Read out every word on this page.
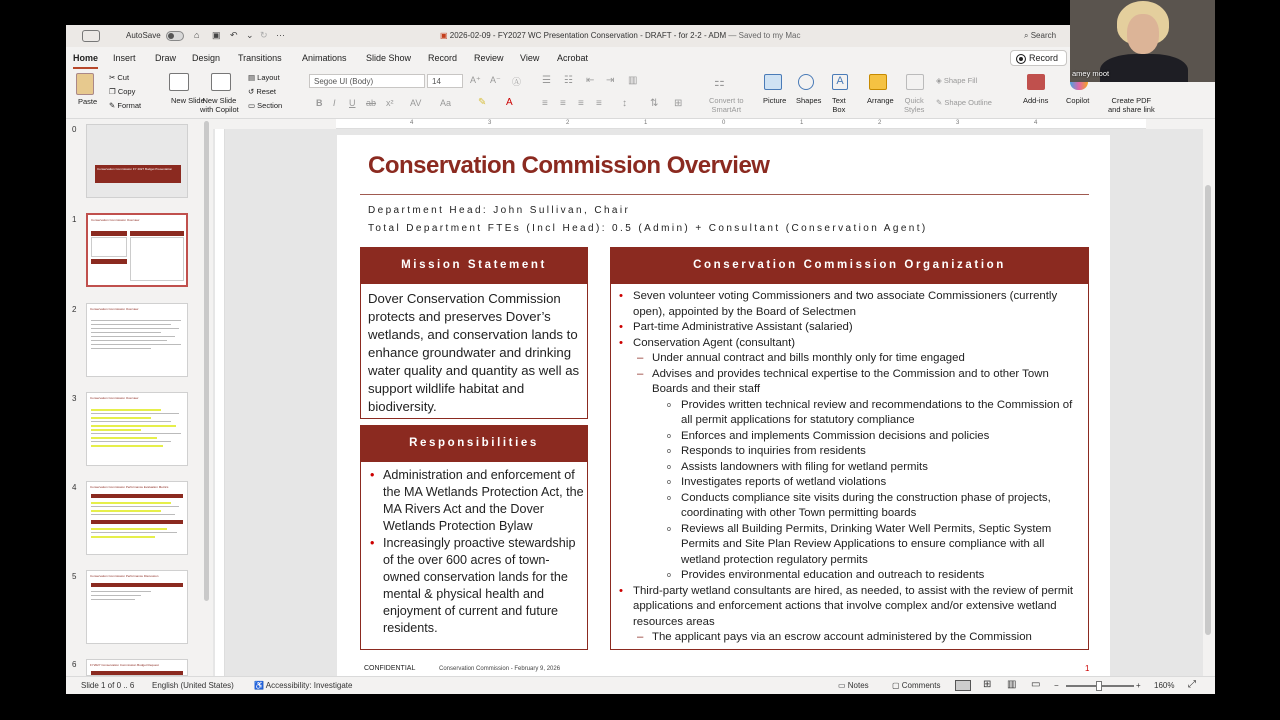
AutoSave	⌂ ▣ ↶ ⌄ ↻ ···	▣ 2026-02-09 - FY2027 WC Presentation Conservation - DRAFT - for 2-2 - ADM — Saved to my Mac	⌕ Search
Home Insert Draw Design Transitions Animations Slide Show Record Review View Acrobat	Record
Paste
✂ Cut
❐ Copy
✎ Format
New Slide
New Slide
with Copilot
▤ Layout
↺ Reset
▭ Section
Segoe UI (Body)	14	A⁺ A⁻ Ⓐ
B I U ab x² AV Aa	✎ A
☰ ☷ ⇤ ⇥ ▥
≡ ≡ ≡ ≡ ↕ ⇅ ⊞
⚏
Convert to
SmartArt
Picture Shapes
A
Text
Box
Arrange Quick
Styles
◈ Shape Fill
✎ Shape Outline	Add-ins Copilot	Create PDF
and share link
0
Conservation Commission FY 2027 Budget Presentation
1	Conservation Commission Overview
2	Conservation Commission Overview
3	Conservation Commission Overview
4	Conservation Commission Performance Evaluation Metrics
5	Conservation Commission Performance Discussion
6	FY2027 Conservation Commission Budget Request
4	3	2	1	0	1	2	3	4
Conservation Commission Overview
Department Head: John Sullivan, Chair
Total Department FTEs (Incl Head): 0.5 (Admin) + Consultant (Conservation Agent)
Mission Statement
Dover Conservation Commission protects and preserves Dover’s wetlands, and conservation lands to enhance groundwater and drinking water quality and quantity as well as support wildlife habitat and biodiversity.
Responsibilities
• Administration and enforcement of the MA Wetlands Protection Act, the MA Rivers Act and the Dover Wetlands Protection Bylaw
• Increasingly proactive stewardship of the over 600 acres of town-owned conservation lands for the mental & physical health and enjoyment of current and future residents.
Conservation Commission Organization
• Seven volunteer voting Commissioners and two associate Commissioners (currently open), appointed by the Board of Selectmen
• Part-time Administrative Assistant (salaried)
• Conservation Agent (consultant)
– Under annual contract and bills monthly only for time engaged
– Advises and provides technical expertise to the Commission and to other Town Boards and their staff
o Provides written technical review and recommendations to the Commission of all permit applications for statutory compliance
o Enforces and implements Commission decisions and policies
o Responds to inquiries from residents
o Assists landowners with filing for wetland permits
o Investigates reports of wetland violations
o Conducts compliance site visits during the construction phase of projects, coordinating with other Town permitting boards
o Reviews all Building Permits, Drinking Water Well Permits, Septic System Permits and Site Plan Review Applications to ensure compliance with all wetland protection regulatory permits
o Provides environmental education and outreach to residents
• Third-party wetland consultants are hired, as needed, to assist with the review of permit applications and enforcement actions that involve complex and/or extensive wetland resources areas
– The applicant pays via an escrow account administered by the Commission
CONFIDENTIAL	Conservation Commission - February 9, 2026	1
Slide 1 of 0 .. 6 English (United States)	♿ Accessibility: Investigate	▭ Notes	▢ Comments	⊞ ▥ ▭ −	+ 160% ⤢
amey moot
